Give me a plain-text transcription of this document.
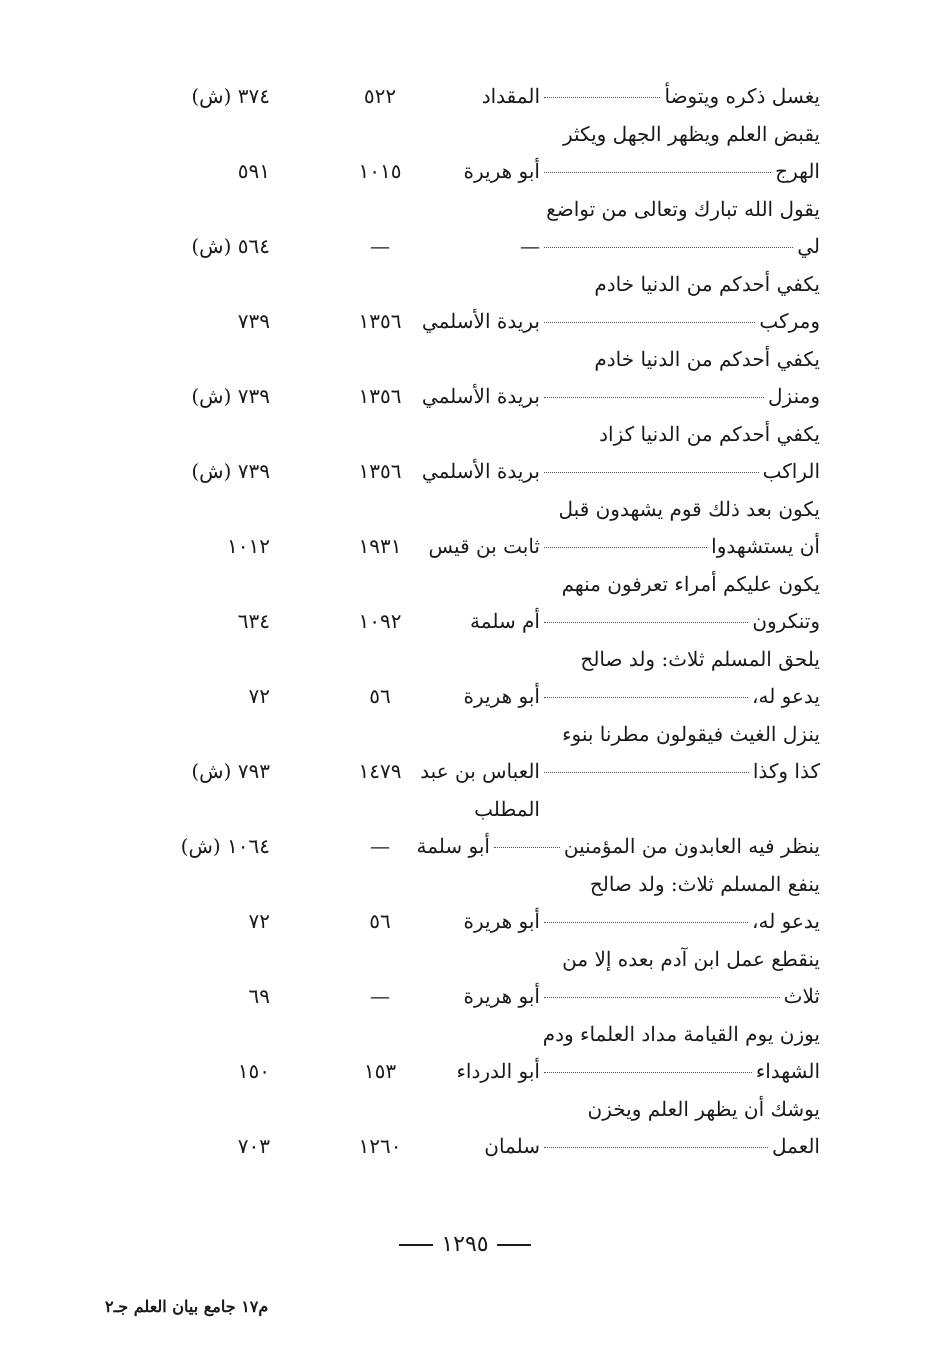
يغسل ذكره ويتوضأ
المقداد
٥٢٢
٣٧٤ (ش)
يقبض العلم ويظهر الجهل ويكثر
الهرج
أبو هريرة
١٠١٥
٥٩١
يقول الله تبارك وتعالى من تواضع
لي
—
—
٥٦٤ (ش)
يكفي أحدكم من الدنيا خادم
ومركب
بريدة الأسلمي
١٣٥٦
٧٣٩
يكفي أحدكم من الدنيا خادم
ومنزل
بريدة الأسلمي
١٣٥٦
٧٣٩ (ش)
يكفي أحدكم من الدنيا كزاد
الراكب
بريدة الأسلمي
١٣٥٦
٧٣٩ (ش)
يكون بعد ذلك قوم يشهدون قبل
أن يستشهدوا
ثابت بن قيس
١٩٣١
١٠١٢
يكون عليكم أمراء تعرفون منهم
وتنكرون
أم سلمة
١٠٩٢
٦٣٤
يلحق المسلم ثلاث: ولد صالح
يدعو له،
أبو هريرة
٥٦
٧٢
ينزل الغيث فيقولون مطرنا بنوء
كذا وكذا
العباس بن عبد
١٤٧٩
٧٩٣ (ش)
المطلب
ينظر فيه العابدون من المؤمنين
أبو سلمة
—
١٠٦٤ (ش)
ينفع المسلم ثلاث: ولد صالح
يدعو له،
أبو هريرة
٥٦
٧٢
ينقطع عمل ابن آدم بعده إلا من
ثلاث
أبو هريرة
—
٦٩
يوزن يوم القيامة مداد العلماء ودم
الشهداء
أبو الدرداء
١٥٣
١٥٠
يوشك أن يظهر العلم ويخزن
العمل
سلمان
١٢٦٠
٧٠٣
١٢٩٥
م١٧ جامع بيان العلم جـ٢
